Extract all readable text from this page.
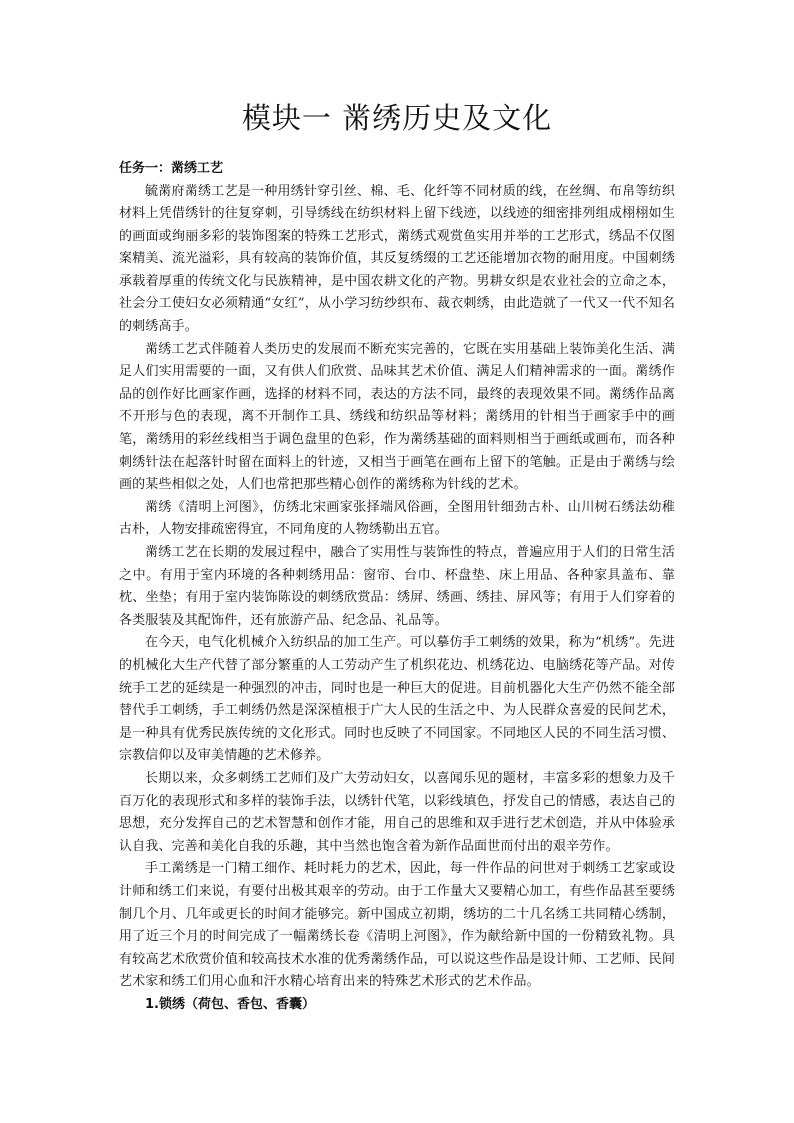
模块一 黹绣历史及文化

任务一：黹绣工艺

毓黹府黹绣工艺是一种用绣针穿引丝、棉、毛、化纤等不同材质的线，在丝绸、布帛等纺织材料上凭借绣针的往复穿刺，引导绣线在纺织材料上留下线迹，以线迹的细密排列组成栩栩如生的画面或绚丽多彩的装饰图案的特殊工艺形式，黹绣式观赏鱼实用并举的工艺形式，绣品不仅图案精美、流光溢彩，具有较高的装饰价值，其反复绣缀的工艺还能增加衣物的耐用度。中国刺绣承载着厚重的传统文化与民族精神，是中国农耕文化的产物。男耕女织是农业社会的立命之本，社会分工使妇女必须精通“女红”，从小学习纺纱织布、裁衣刺绣，由此造就了一代又一代不知名的刺绣高手。

黹绣工艺式伴随着人类历史的发展而不断充实完善的，它既在实用基础上装饰美化生活、满足人们实用需要的一面，又有供人们欣赏、品味其艺术价值、满足人们精神需求的一面。黹绣作品的创作好比画家作画，选择的材料不同，表达的方法不同，最终的表现效果不同。黹绣作品离不开形与色的表现，离不开制作工具、绣线和纺织品等材料；黹绣用的针相当于画家手中的画笔，黹绣用的彩丝线相当于调色盘里的色彩，作为黹绣基础的面料则相当于画纸或画布，而各种刺绣针法在起落针时留在面料上的针迹，又相当于画笔在画布上留下的笔触。正是由于黹绣与绘画的某些相似之处，人们也常把那些精心创作的黹绣称为针线的艺术。

黹绣《清明上河图》，仿绣北宋画家张择端风俗画，全图用针细劲古朴、山川树石绣法幼稚古朴，人物安排疏密得宜，不同角度的人物绣勒出五官。

黹绣工艺在长期的发展过程中，融合了实用性与装饰性的特点，普遍应用于人们的日常生活之中。有用于室内环境的各种刺绣用品：窗帘、台巾、杯盘垫、床上用品、各种家具盖布、靠枕、坐垫；有用于室内装饰陈设的刺绣欣赏品：绣屏、绣画、绣挂、屏风等；有用于人们穿着的各类服装及其配饰件，还有旅游产品、纪念品、礼品等。

在今天，电气化机械介入纺织品的加工生产。可以摹仿手工刺绣的效果，称为“机绣”。先进的机械化大生产代替了部分繁重的人工劳动产生了机织花边、机绣花边、电脑绣花等产品。对传统手工艺的延续是一种强烈的冲击，同时也是一种巨大的促进。目前机器化大生产仍然不能全部替代手工刺绣，手工刺绣仍然是深深植根于广大人民的生活之中、为人民群众喜爱的民间艺术，是一种具有优秀民族传统的文化形式。同时也反映了不同国家。不同地区人民的不同生活习惯、宗教信仰以及审美情趣的艺术修养。

长期以来，众多刺绣工艺师们及广大劳动妇女，以喜闻乐见的题材，丰富多彩的想象力及千百万化的表现形式和多样的装饰手法，以绣针代笔，以彩线填色，抒发自己的情感，表达自己的思想，充分发挥自己的艺术智慧和创作才能，用自己的思维和双手进行艺术创造，并从中体验承认自我、完善和美化自我的乐趣，其中当然也饱含着为新作品面世而付出的艰辛劳作。

手工黹绣是一门精工细作、耗时耗力的艺术，因此，每一件作品的问世对于刺绣工艺家或设计师和绣工们来说，有要付出极其艰辛的劳动。由于工作量大又要精心加工，有些作品甚至要绣制几个月、几年或更长的时间才能够完。新中国成立初期，绣坊的二十几名绣工共同精心绣制，用了近三个月的时间完成了一幅黹绣长卷《清明上河图》，作为献给新中国的一份精致礼物。具有较高艺术欣赏价值和较高技术水准的优秀黹绣作品，可以说这些作品是设计师、工艺师、民间艺术家和绣工们用心血和汗水精心培育出来的特殊艺术形式的艺术作品。

1.锁绣（荷包、香包、香囊）
